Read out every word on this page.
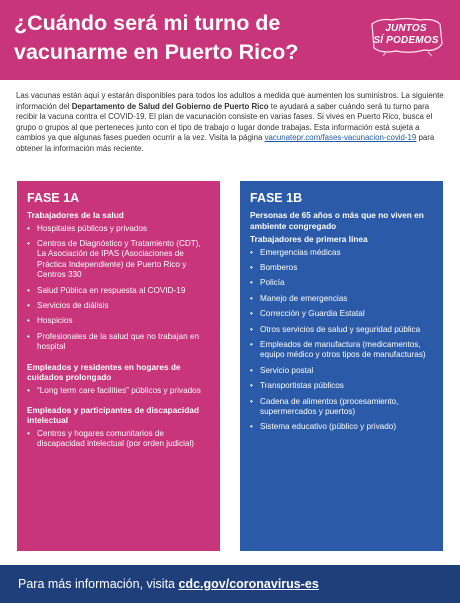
¿Cuándo será mi turno de vacunarme en Puerto Rico?
JUNTOS
SÍ PODEMOS

Las vacunas están aquí y estarán disponibles para todos los adultos a medida que aumenten los suministros. La siguiente información del Departamento de Salud del Gobierno de Puerto Rico te ayudará a saber cuándo será tu turno para recibir la vacuna contra el COVID-19. El plan de vacunación consiste en varias fases. Si vives en Puerto Rico, busca el grupo o grupos al que perteneces junto con el tipo de trabajo o lugar donde trabajas. Esta información está sujeta a cambios ya que algunas fases pueden ocurrir a la vez. Visita la página vacunatepr.com/fases-vacunacion-covid-19 para obtener la información más reciente.

FASE 1A
Trabajadores de la salud
• Hospitales públicos y privados
• Centros de Diagnóstico y Tratamiento (CDT), La Asociación de IPAS (Asociaciones de Práctica Independiente) de Puerto Rico y Centros 330
• Salud Pública en respuesta al COVID-19
• Servicios de diálisis
• Hospicios
• Profesionales de la salud que no trabajan en hospital
Empleados y residentes en hogares de cuidados prolongado
• “Long term care facilities” públicos y privados
Empleados y participantes de discapacidad intelectual
• Centros y hogares comunitarios de discapacidad intelectual (por orden judicial)
FASE 1B
Personas de 65 años o más que no viven en ambiente congregado
Trabajadores de primera línea
• Emergencias médicas
• Bomberos
• Policía
• Manejo de emergencias
• Corrección y Guardia Estatal
• Otros servicios de salud y seguridad pública
• Empleados de manufactura (medicamentos, equipo médico y otros tipos de manufacturas)
• Servicio postal
• Transportistas públicos
• Cadena de alimentos (procesamiento, supermercados y puertos)
• Sistema educativo (público y privado)
Para más información, visita cdc.gov/coronavirus-es
